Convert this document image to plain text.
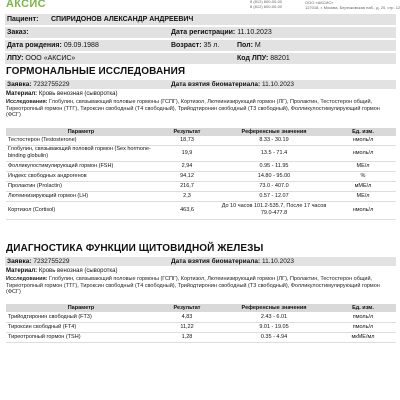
АКСИС	8 (812) 600-00-00
8 (812) 600-00-00
ООО «АКСИС»
127018, г. Москва, Березковская наб., д. 20, стр. 12
Пациент: СПИРИДОНОВ АЛЕКСАНДР АНДРЕЕВИЧ
Заказ:	Дата регистрации: 11.10.2023
Дата рождения: 09.09.1988	Возраст: 35 л.	Пол: М
ЛПУ: ООО «АКСИС»	Код ЛПУ: 88201
ГОРМОНАЛЬНЫЕ ИССЛЕДОВАНИЯ
Заявка: 7232755229	Дата взятия биоматериала: 11.10.2023
Материал: Кровь венозная (сыворотка)
Исследования: Глобулин, связывающий половые гормоны (ГСПГ), Кортизол, Лютеинизирующий гормон (ЛГ), Пролактин, Тестостерон общий, Тиреотропный гормон (ТТГ), Тироксин свободный (Т4 свободный), Трийодтиронин свободный (Т3 свободный), Фолликулостимулирующий гормон (ФСГ)
Параметр	Результат	Референсные значения	Ед. изм.
Тестостерон (Testosterone)	18,73	8.33 - 30.19	нмоль/л
Глобулин, связывающий половой гормон (Sex hormone-binding globulin)	19,9	13.5 - 71.4	нмоль/л
Фолликулостимулирующий гормон (FSH)	2,94	0.95 - 11.95	МЕ/л
Индекс свободных андрогенов	94,12	14.80 - 95.00	%
Пролактин (Prolactin)	216,7	73.0 - 407.0	мМЕ/л
Лютеинизирующий гормон (LH)	2,3	0.57 - 12.07	МЕ/л
Кортизол (Cortisol)	463,6	До 10 часов 101.2-535.7, После 17 часов 79.0-477.8	нмоль/л
ДИАГНОСТИКА ФУНКЦИИ ЩИТОВИДНОЙ ЖЕЛЕЗЫ
Заявка: 7232755229	Дата взятия биоматериала: 11.10.2023
Материал: Кровь венозная (сыворотка)
Исследования: Глобулин, связывающий половые гормоны (ГСПГ), Кортизол, Лютеинизирующий гормон (ЛГ), Пролактин, Тестостерон общий, Тиреотропный гормон (ТТГ), Тироксин свободный (Т4 свободный), Трийодтиронин свободный (Т3 свободный), Фолликулостимулирующий гормон (ФСГ)
Параметр	Результат	Референсные значения	Ед. изм.
Трийодтиронин свободный (FT3)	4,83	2.43 - 6.01	пмоль/л
Тироксин свободный (FT4)	11,22	9.01 - 19.05	пмоль/л
Тиреотропный гормон (TSH)	1,28	0.35 - 4.94	мкМЕ/мл
